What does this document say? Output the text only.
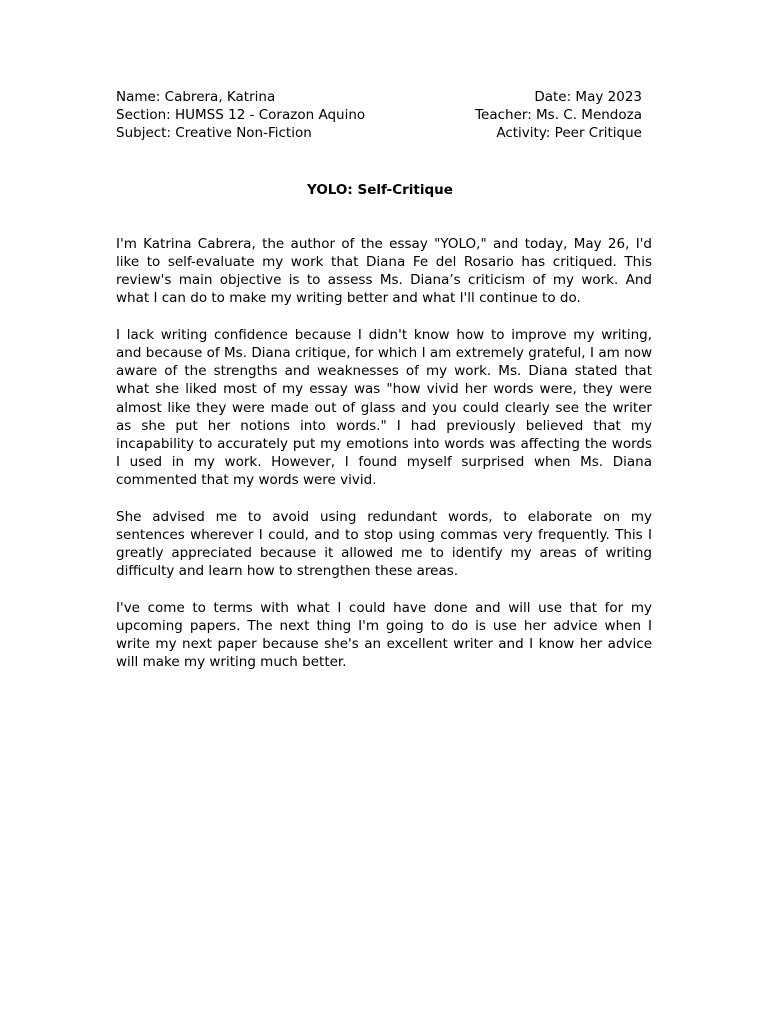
Name: Cabrera, Katrina	Date: May 2023
Section: HUMSS 12 - Corazon Aquino	Teacher: Ms. C. Mendoza
Subject: Creative Non-Fiction	Activity: Peer Critique
YOLO: Self-Critique

I'm Katrina Cabrera, the author of the essay "YOLO," and today, May 26, I'd like to self-evaluate my work that Diana Fe del Rosario has critiqued. This review's main objective is to assess Ms. Diana’s criticism of my work. And what I can do to make my writing better and what I'll continue to do.

I lack writing confidence because I didn't know how to improve my writing, and because of Ms. Diana critique, for which I am extremely grateful, I am now aware of the strengths and weaknesses of my work. Ms. Diana stated that what she liked most of my essay was "how vivid her words were, they were almost like they were made out of glass and you could clearly see the writer as she put her notions into words." I had previously believed that my incapability to accurately put my emotions into words was affecting the words I used in my work. However, I found myself surprised when Ms. Diana commented that my words were vivid.

She advised me to avoid using redundant words, to elaborate on my sentences wherever I could, and to stop using commas very frequently. This I greatly appreciated because it allowed me to identify my areas of writing difficulty and learn how to strengthen these areas.

I've come to terms with what I could have done and will use that for my upcoming papers. The next thing I'm going to do is use her advice when I write my next paper because she's an excellent writer and I know her advice will make my writing much better.
